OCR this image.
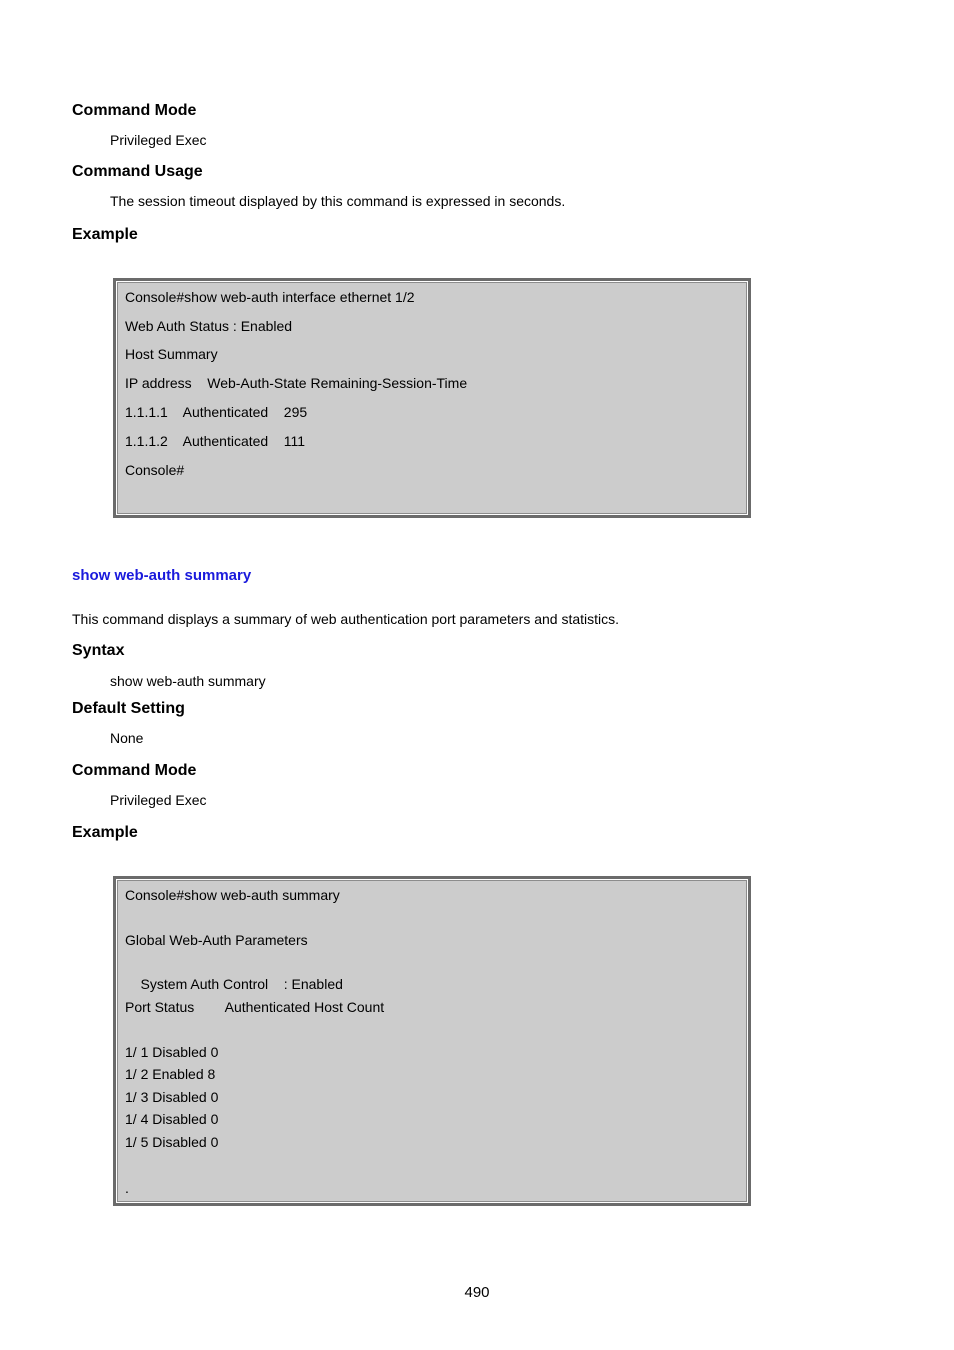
Command Mode

Privileged Exec

Command Usage

The session timeout displayed by this command is expressed in seconds.

Example

Console#show web-auth interface ethernet 1/2

Web Auth Status : Enabled

Host Summary

IP address    Web-Auth-State Remaining-Session-Time

1.1.1.1    Authenticated    295

1.1.1.2    Authenticated    111

Console#

show web-auth summary

This command displays a summary of web authentication port parameters and statistics.

Syntax

show web-auth summary

Default Setting

None

Command Mode

Privileged Exec

Example

Console#show web-auth summary

Global Web-Auth Parameters

System Auth Control    : Enabled

Port Status        Authenticated Host Count

1/ 1 Disabled 0

1/ 2 Enabled 8

1/ 3 Disabled 0

1/ 4 Disabled 0

1/ 5 Disabled 0

.

490
